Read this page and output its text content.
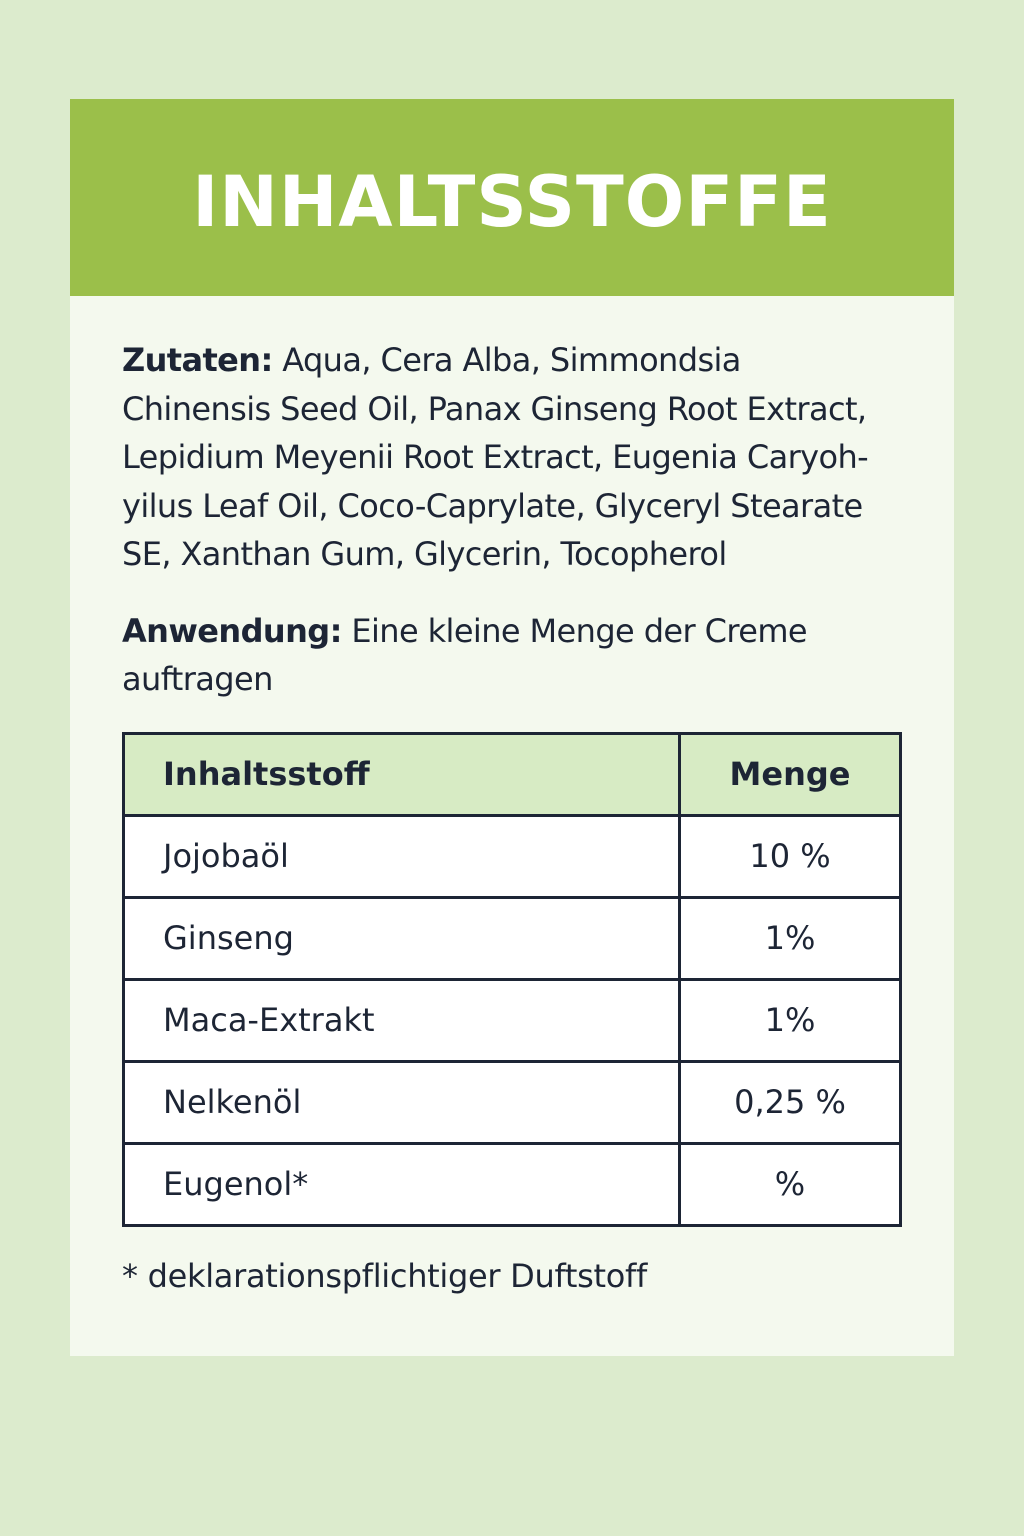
INHALTSSTOFFE

Zutaten: Aqua, Cera Alba, Simmondsia
Chinensis Seed Oil, Panax Ginseng Root Extract,
Lepidium Meyenii Root Extract, Eugenia Caryoh-
yilus Leaf Oil, Coco-Caprylate, Glyceryl Stearate
SE, Xanthan Gum, Glycerin, Tocopherol

Anwendung: Eine kleine Menge der Creme
auftragen

Inhaltsstoff	Menge
Jojobaöl	10 %
Ginseng	1%
Maca-Extrakt	1%
Nelkenöl	0,25 %
Eugenol*	%

* deklarationspflichtiger Duftstoff
